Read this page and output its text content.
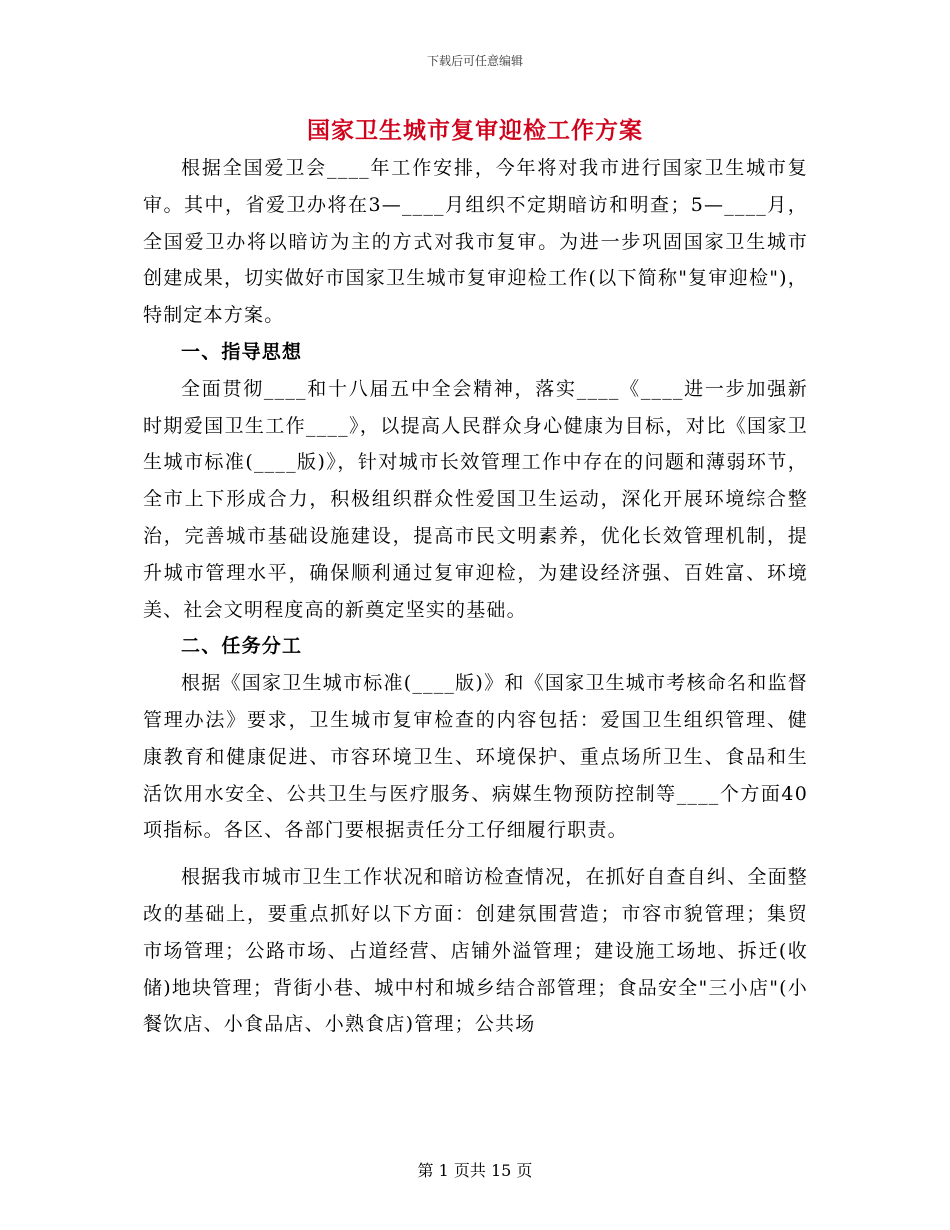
下载后可任意编辑
国家卫生城市复审迎检工作方案

根据全国爱卫会____年工作安排，今年将对我市进行国家卫生城市复审。其中，省爱卫办将在3—____月组织不定期暗访和明查；5—____月，全国爱卫办将以暗访为主的方式对我市复审。为进一步巩固国家卫生城市创建成果，切实做好市国家卫生城市复审迎检工作(以下简称"复审迎检")，特制定本方案。

一、指导思想

全面贯彻____和十八届五中全会精神，落实____《____进一步加强新时期爱国卫生工作____》，以提高人民群众身心健康为目标，对比《国家卫生城市标准(____版)》，针对城市长效管理工作中存在的问题和薄弱环节，全市上下形成合力，积极组织群众性爱国卫生运动，深化开展环境综合整治，完善城市基础设施建设，提高市民文明素养，优化长效管理机制，提升城市管理水平，确保顺利通过复审迎检，为建设经济强、百姓富、环境美、社会文明程度高的新奠定坚实的基础。

二、任务分工

根据《国家卫生城市标准(____版)》和《国家卫生城市考核命名和监督管理办法》要求，卫生城市复审检查的内容包括：爱国卫生组织管理、健康教育和健康促进、市容环境卫生、环境保护、重点场所卫生、食品和生活饮用水安全、公共卫生与医疗服务、病媒生物预防控制等____个方面40项指标。各区、各部门要根据责任分工仔细履行职责。

根据我市城市卫生工作状况和暗访检查情况，在抓好自查自纠、全面整改的基础上，要重点抓好以下方面：创建氛围营造；市容市貌管理；集贸市场管理；公路市场、占道经营、店铺外溢管理；建设施工场地、拆迁(收储)地块管理；背街小巷、城中村和城乡结合部管理；食品安全"三小店"(小餐饮店、小食品店、小熟食店)管理；公共场

第 1 页共 15 页
